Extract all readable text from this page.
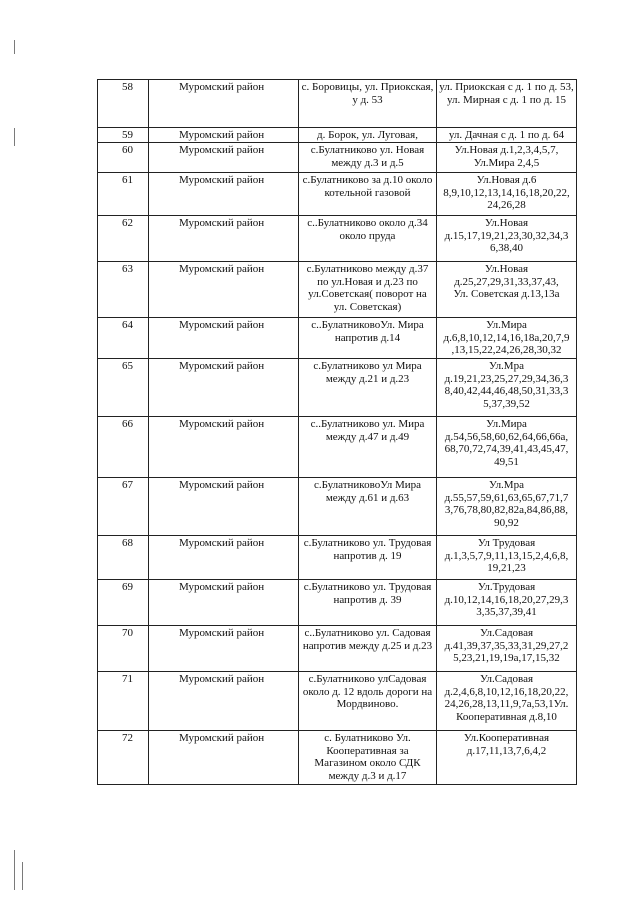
58	Муромский район	с. Боровицы, ул. Приокская, у д. 53	ул. Приокская с д. 1 по д. 53, ул. Мирная с д. 1 по д. 15
59	Муромский район	д. Борок, ул. Луговая,	ул. Дачная с д. 1 по д. 64
60	Муромский район	с.Булатниково ул. Новая между д.3 и д.5	Ул.Новая д.1,2,3,4,5,7, Ул.Мира 2,4,5
61	Муромский район	с.Булатниково за д.10 около котельной газовой	Ул.Новая д.6
8,9,10,12,13,14,16,18,20,22,
24,26,28
62	Муромский район	с..Булатниково около д.34 около пруда	Ул.Новая
д.15,17,19,21,23,30,32,34,3
6,38,40
63	Муромский район	с.Булатниково между д.37 по ул.Новая и д.23 по ул.Советская( поворот на ул. Советская)	Ул.Новая
д.25,27,29,31,33,37,43,
Ул. Советская д.13,13а
64	Муромский район	с..БулатниковоУл. Мира напротив д.14	Ул.Мира
д.6,8,10,12,14,16,18а,20,7,9
,13,15,22,24,26,28,30,32
65	Муромский район	с.Булатниково ул Мира между д.21 и д.23	Ул.Мра
д.19,21,23,25,27,29,34,36,3
8,40,42,44,46,48,50,31,33,3
5,37,39,52
66	Муромский район	с..Булатниково ул. Мира между д.47 и д.49	Ул.Мира
д.54,56,58,60,62,64,66,66а,
68,70,72,74,39,41,43,45,47,
49,51
67	Муромский район	с.БулатниковоУл Мира между д.61 и д.63	Ул.Мра
д.55,57,59,61,63,65,67,71,7
3,76,78,80,82,82а,84,86,88,
90,92
68	Муромский район	с.Булатниково ул. Трудовая напротив д. 19	Ул Трудовая
д.1,3,5,7,9,11,13,15,2,4,6,8,
19,21,23
69	Муромский район	с.Булатниково ул. Трудовая напротив д. 39	Ул.Трудовая
д.10,12,14,16,18,20,27,29,3
3,35,37,39,41
70	Муромский район	с..Булатниково ул. Садовая напротив между д.25 и д.23	Ул.Садовая
д.41,39,37,35,33,31,29,27,2
5,23,21,19,19а,17,15,32
71	Муромский район	с.Булатниково улСадовая около д. 12 вдоль дороги на Мордвиново.	Ул.Садовая
д.2,4,6,8,10,12,16,18,20,22,
24,26,28,13,11,9,7а,53,1Ул.
Кооперативная д.8,10
72	Муромский район	с. Булатниково Ул. Кооперативная за Магазином около СДК между д.3 и д.17	Ул.Кооперативная
д.17,11,13,7,6,4,2
